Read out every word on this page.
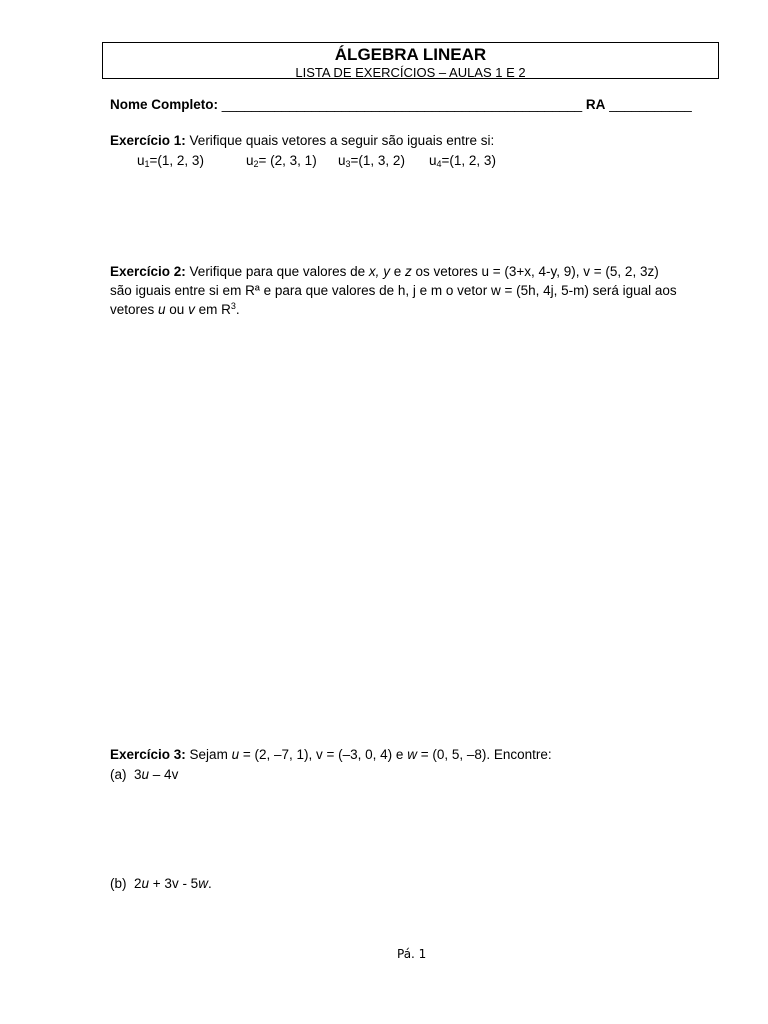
ÁLGEBRA LINEAR
LISTA DE EXERCÍCIOS – AULAS 1 E 2
Nome Completo: ________________________________________________ RA ___________
Exercício 1: Verifique quais vetores a seguir são iguais entre si:
$u_1=(1$, 2, 3)	$u_2= (2$, 3, 1) $u_3=(1$, 3, 2) $u_4=(1$, 2, 3)
Exercício 2: Verifique para que valores de x, y e z os vetores u = (3+x, 4-y, 9), v = (5, 2, 3z)
são iguais entre si em Rª e para que valores de h, j e m o vetor w = (5h, 4j, 5-m) será igual aos
vetores u ou v em $R^3$.
Exercício 3: Sejam u = (2, –7, 1), v = (–3, 0, 4) e w = (0, 5, –8). Encontre:
(a) 3u – 4v
(b) 2u + 3v - 5w.
Pá. 1
